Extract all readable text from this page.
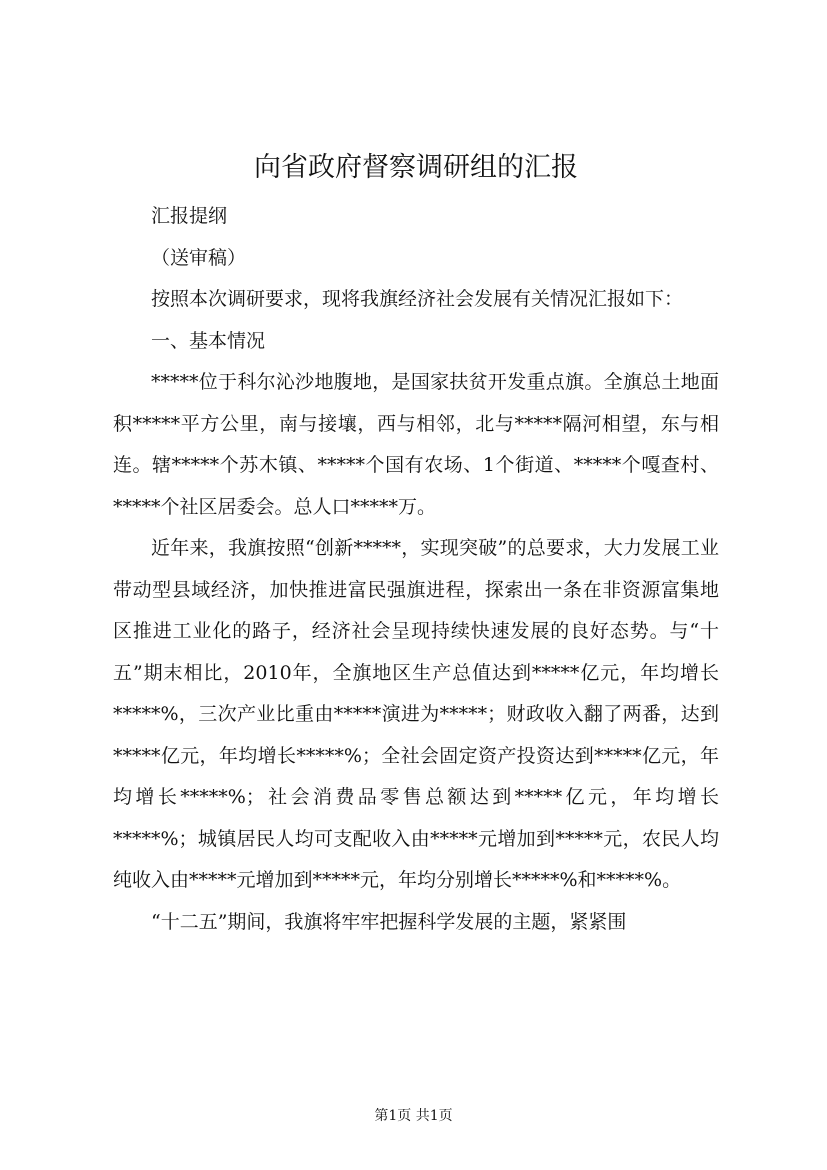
向省政府督察调研组的汇报

汇报提纲

（送审稿）

按照本次调研要求，现将我旗经济社会发展有关情况汇报如下：

一、基本情况

*****位于科尔沁沙地腹地，是国家扶贫开发重点旗。全旗总土地面积*****平方公里，南与接壤，西与相邻，北与*****隔河相望，东与相连。辖*****个苏木镇、*****个国有农场、1个街道、*****个嘎查村、*****个社区居委会。总人口*****万。

近年来，我旗按照“创新*****，实现突破”的总要求，大力发展工业带动型县域经济，加快推进富民强旗进程，探索出一条在非资源富集地区推进工业化的路子，经济社会呈现持续快速发展的良好态势。与“十五”期末相比，2010年，全旗地区生产总值达到*****亿元，年均增长*****%，三次产业比重由*****演进为*****；财政收入翻了两番，达到*****亿元，年均增长*****%；全社会固定资产投资达到*****亿元，年均增长*****%；社会消费品零售总额达到*****亿元，年均增长*****%；城镇居民人均可支配收入由*****元增加到*****元，农民人均纯收入由*****元增加到*****元，年均分别增长*****%和*****%。

“十二五”期间，我旗将牢牢把握科学发展的主题，紧紧围

第1页 共1页
